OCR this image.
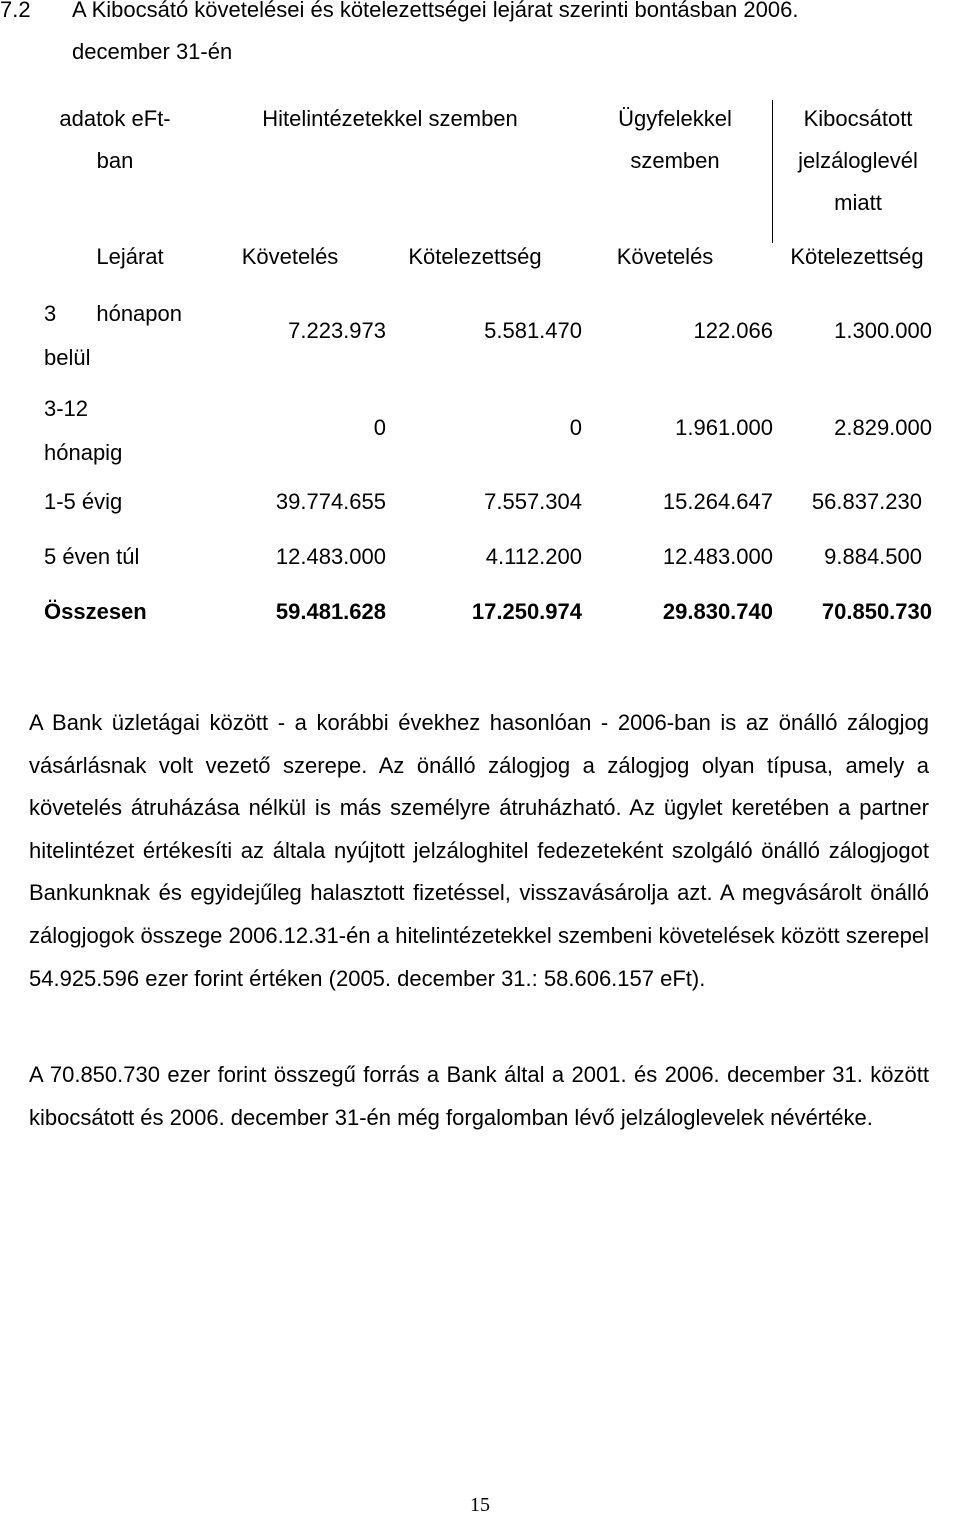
7.2 A Kibocsátó követelései és kötelezettségei lejárat szerinti bontásban 2006.
december 31-én
adatok eFt-
ban
Hitelintézetekkel szemben	Ügyfelekkel
szemben
Kibocsátott
jelzáloglevél
miatt
Lejárat	Követelés	Kötelezettség	Követelés	Kötelezettség
3 hónapon
belül
7.223.973	5.581.470	122.066	1.300.000
3-12
hónapig
0	0	1.961.000	2.829.000
1-5 évig	39.774.655	7.557.304	15.264.647	56.837.230
5 éven túl	12.483.000	4.112.200	12.483.000	9.884.500
Összesen	59.481.628	17.250.974	29.830.740	70.850.730
A Bank üzletágai között - a korábbi évekhez hasonlóan - 2006-ban is az önálló zálogjog vásárlásnak volt vezető szerepe. Az önálló zálogjog a zálogjog olyan típusa, amely a követelés átruházása nélkül is más személyre átruházható. Az ügylet keretében a partner hitelintézet értékesíti az általa nyújtott jelzáloghitel fedezeteként szolgáló önálló zálogjogot Bankunknak és egyidejűleg halasztott fizetéssel, visszavásárolja azt. A megvásárolt önálló zálogjogok összege 2006.12.31-én a hitelintézetekkel szembeni követelések között szerepel 54.925.596 ezer forint értéken (2005. december 31.: 58.606.157 eFt).
A 70.850.730 ezer forint összegű forrás a Bank által a 2001. és 2006. december 31. között kibocsátott és 2006. december 31-én még forgalomban lévő jelzáloglevelek névértéke.
15
